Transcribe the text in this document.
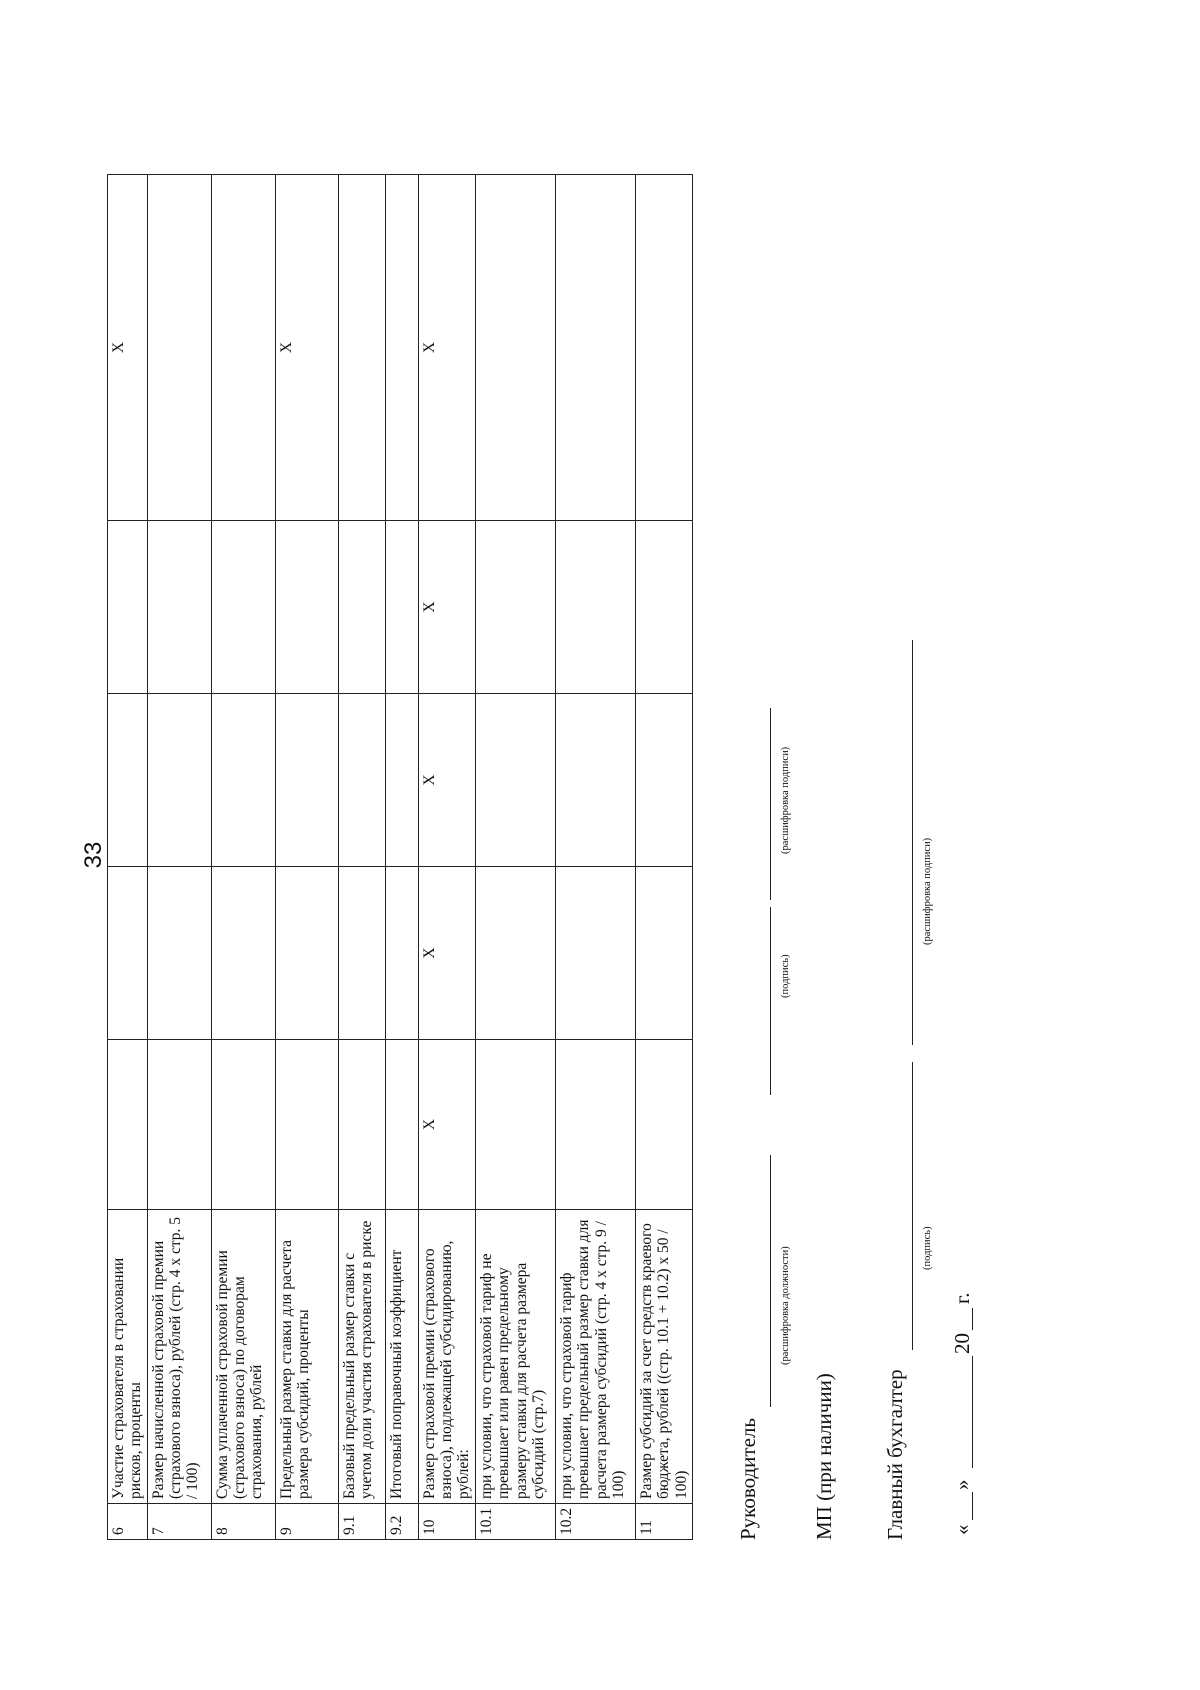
33
6	Участие страхователя в страховании рисков, проценты					X
7	Размер начисленной страховой премии (страхового взноса), рублей (стр. 4 х стр. 5 / 100)					
8	Сумма уплаченной страховой премии (страхового взноса) по договорам страхования, рублей					
9	Предельный размер ставки для расчета размера субсидий, проценты					X
9.1	Базовый предельный размер ставки с учетом доли участия страхователя в риске					
9.2	Итоговый поправочный коэффициент					
10	Размер страховой премии (страхового взноса), подлежащей субсидированию, рублей:	X	X	X	X	X
10.1	при условии, что страховой тариф не превышает или равен предельному размеру ставки для расчета размера субсидий (стр.7)					
10.2	при условии, что страховой тариф превышает предельный размер ставки для расчета размера субсидий (стр. 4 х стр. 9 / 100)					
11	Размер субсидий за счет средств краевого бюджета, рублей ((стр. 10.1 + 10.2) х 50 / 100)					Руководитель
(расшифровка должности)
(подпись)
(расшифровка подписи)
МП (при наличии) Главный бухгалтер
(подпись)
(расшифровка подписи)
«
»
20
г.
